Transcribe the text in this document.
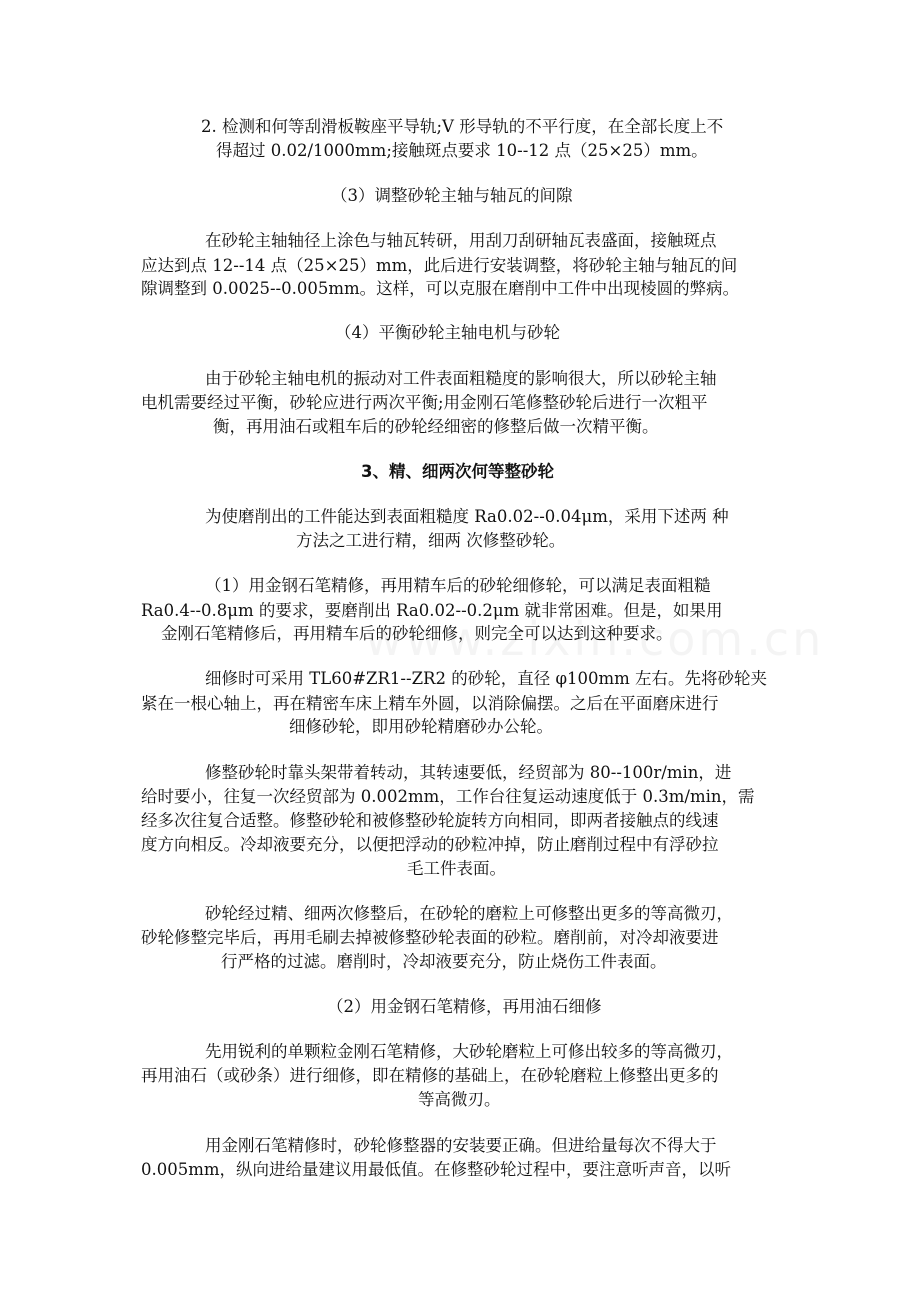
2. 检测和何等刮滑板鞍座平导轨;V 形导轨的不平行度，在全部长度上不
得超过 0.02/1000mm;接触斑点要求 10--12 点（25×25）mm。
（3）调整砂轮主轴与轴瓦的间隙
在砂轮主轴轴径上涂色与轴瓦转研，用刮刀刮研轴瓦表盛面，接触斑点
应达到点 12--14 点（25×25）mm，此后进行安装调整，将砂轮主轴与轴瓦的间
隙调整到 0.0025--0.005mm。这样，可以克服在磨削中工件中出现棱圆的弊病。
（4）平衡砂轮主轴电机与砂轮
由于砂轮主轴电机的振动对工件表面粗糙度的影响很大，所以砂轮主轴
电机需要经过平衡，砂轮应进行两次平衡;用金刚石笔修整砂轮后进行一次粗平
衡，再用油石或粗车后的砂轮经细密的修整后做一次精平衡。
3、精、细两次何等整砂轮
为使磨削出的工件能达到表面粗糙度 Ra0.02--0.04μm，采用下述两 种
方法之工进行精，细两 次修整砂轮。
（1）用金钢石笔精修，再用精车后的砂轮细修轮，可以满足表面粗糙
Ra0.4--0.8μm 的要求，要磨削出 Ra0.02--0.2μm 就非常困难。但是，如果用
金刚石笔精修后，再用精车后的砂轮细修，则完全可以达到这种要求。
细修时可采用 TL60#ZR1--ZR2 的砂轮，直径 φ100mm 左右。先将砂轮夹
紧在一根心轴上，再在精密车床上精车外圆，以消除偏摆。之后在平面磨床进行
细修砂轮，即用砂轮精磨砂办公轮。
修整砂轮时靠头架带着转动，其转速要低，经贸部为 80--100r/min，进
给时要小，往复一次经贸部为 0.002mm，工作台往复运动速度低于 0.3m/min，需
经多次往复合适整。修整砂轮和被修整砂轮旋转方向相同，即两者接触点的线速
度方向相反。冷却液要充分，以便把浮动的砂粒冲掉，防止磨削过程中有浮砂拉
毛工件表面。
砂轮经过精、细两次修整后，在砂轮的磨粒上可修整出更多的等高微刃，
砂轮修整完毕后，再用毛刷去掉被修整砂轮表面的砂粒。磨削前，对冷却液要进
行严格的过滤。磨削时，冷却液要充分，防止烧伤工件表面。
（2）用金钢石笔精修，再用油石细修
先用锐利的单颗粒金刚石笔精修，大砂轮磨粒上可修出较多的等高微刃，
再用油石（或砂条）进行细修，即在精修的基础上，在砂轮磨粒上修整出更多的
等高微刃。
用金刚石笔精修时，砂轮修整器的安装要正确。但进给量每次不得大于
0.005mm，纵向进给量建议用最低值。在修整砂轮过程中，要注意听声音，以听
